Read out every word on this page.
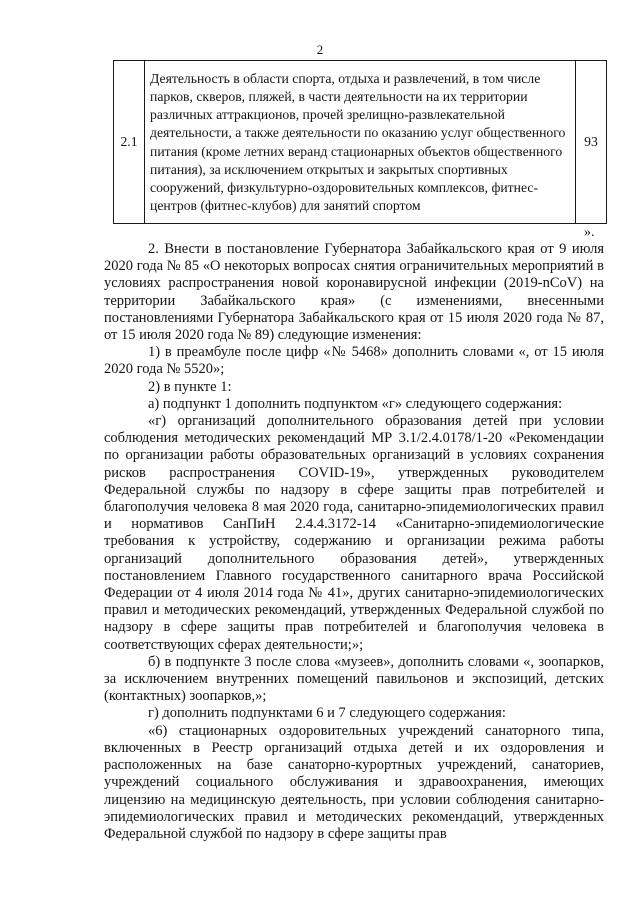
2
2.1	Деятельность в области спорта, отдыха и развлечений, в том числе парков, скверов, пляжей, в части деятельности на их территории различных аттракционов, прочей зрелищно-развлекательной деятельности, а также деятельности по оказанию услуг общественного питания (кроме летних веранд стационарных объектов общественного питания), за исключением открытых и закрытых спортивных сооружений, физкультурно-оздоровительных комплексов, фитнес-центров (фитнес-клубов) для занятий спортом	93
».

2. Внести в постановление Губернатора Забайкальского края от 9 июля 2020 года № 85 «О некоторых вопросах снятия ограничительных мероприятий в условиях распространения новой коронавирусной инфекции (2019-nCoV) на территории Забайкальского края» (с изменениями, внесенными постановлениями Губернатора Забайкальского края от 15 июля 2020 года № 87, от 15 июля 2020 года № 89) следующие изменения:

1) в преамбуле после цифр «№ 5468» дополнить словами «, от 15 июля 2020 года № 5520»;

2) в пункте 1:

а) подпункт 1 дополнить подпунктом «г» следующего содержания:

«г) организаций дополнительного образования детей при условии соблюдения методических рекомендаций МР 3.1/2.4.0178/1-20 «Рекомендации по организации работы образовательных организаций в условиях сохранения рисков распространения COVID-19», утвержденных руководителем Федеральной службы по надзору в сфере защиты прав потребителей и благополучия человека 8 мая 2020 года, санитарно-эпидемиологических правил и нормативов СанПиН 2.4.4.3172-14 «Санитарно-эпидемиологические требования к устройству, содержанию и организации режима работы организаций дополнительного образования детей», утвержденных постановлением Главного государственного санитарного врача Российской Федерации от 4 июля 2014 года № 41», других санитарно-эпидемиологических правил и методических рекомендаций, утвержденных Федеральной службой по надзору в сфере защиты прав потребителей и благополучия человека в соответствующих сферах деятельности;»;

б) в подпункте 3 после слова «музеев», дополнить словами «, зоопарков, за исключением внутренних помещений павильонов и экспозиций, детских (контактных) зоопарков,»;

г) дополнить подпунктами 6 и 7 следующего содержания:

«6) стационарных оздоровительных учреждений санаторного типа, включенных в Реестр организаций отдыха детей и их оздоровления и расположенных на базе санаторно-курортных учреждений, санаториев, учреждений социального обслуживания и здравоохранения, имеющих лицензию на медицинскую деятельность, при условии соблюдения санитарно-эпидемиологических правил и методических рекомендаций, утвержденных Федеральной службой по надзору в сфере защиты прав
